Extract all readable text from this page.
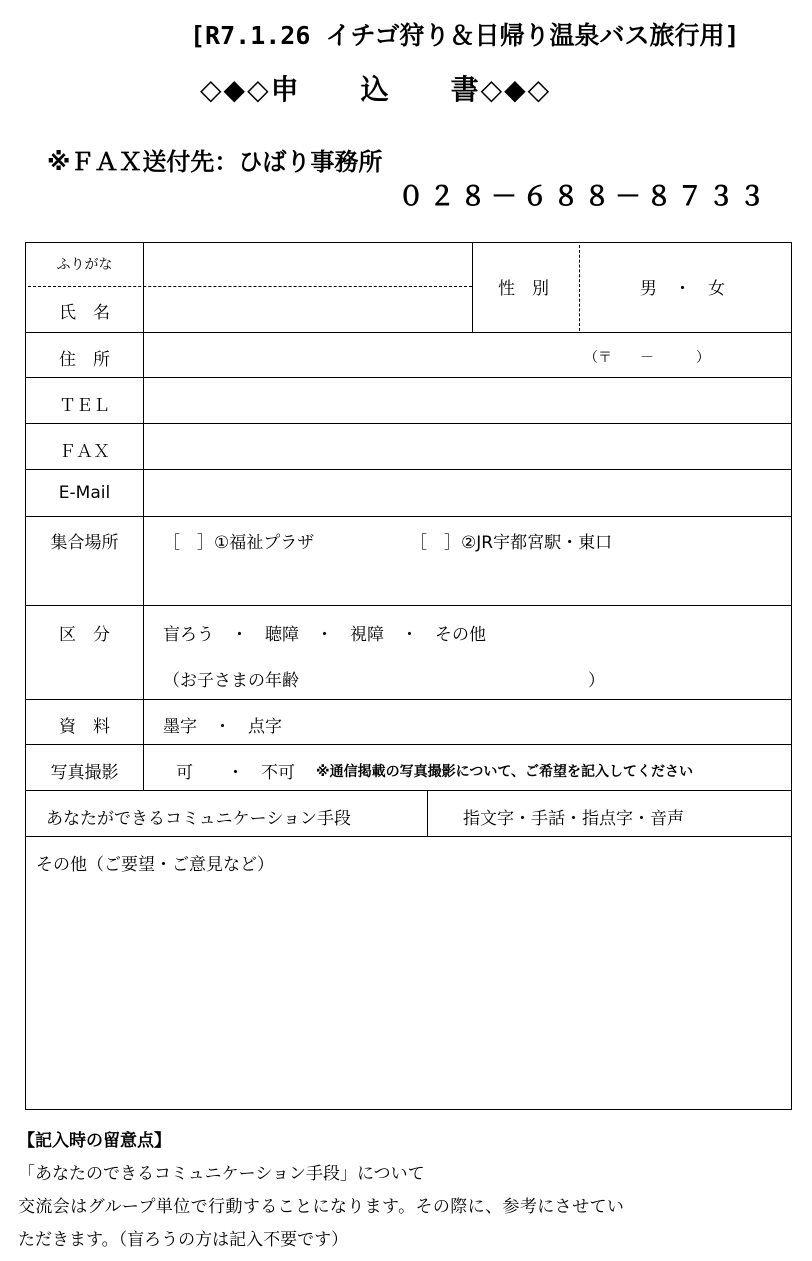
[R7.1.26 イチゴ狩り＆日帰り温泉バス旅行用]
◇◆◇申　　込　　書◇◆◇
※ＦＡＸ送付先：ひばり事務所
０２８－６８８－８７３３
ふりがな
氏　名
性　別	男　・　女
住　所	（〒　　－　　　）
ＴＥＬ
ＦＡＸ
E-Mail
集合場所	［　］①福祉プラザ	［　］②JR宇都宮駅・東口
区　分	盲ろう　・　聴障　・　視障　・　その他
（お子さまの年齢　　　　　　　　　　　　　　　　　）
資　料	墨字　・　点字
写真撮影	可　　・　不可 ※通信掲載の写真撮影について、ご希望を記入してください
あなたができるコミュニケーション手段	指文字・手話・指点字・音声
その他（ご要望・ご意見など）
【記入時の留意点】
「あなたのできるコミュニケーション手段」について
交流会はグループ単位で行動することになります。その際に、参考にさせてい
ただきます。（盲ろうの方は記入不要です）
